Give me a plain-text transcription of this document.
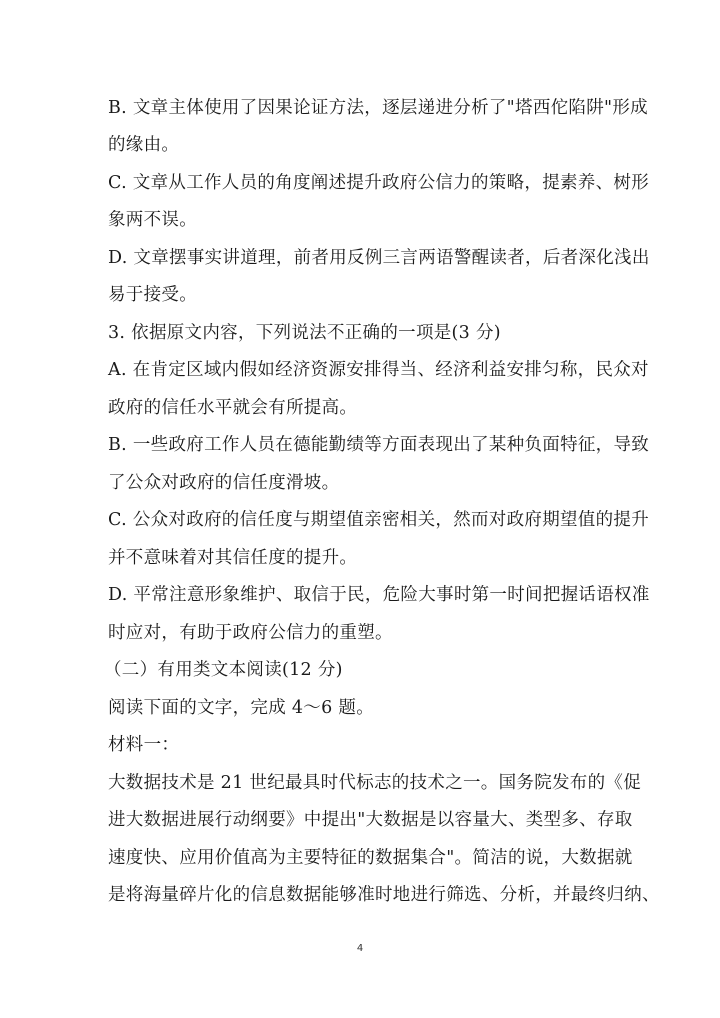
B. 文章主体使用了因果论证方法，逐层递进分析了"塔西佗陷阱"形成
的缘由。
C. 文章从工作人员的角度阐述提升政府公信力的策略，提素养、树形
象两不误。
D. 文章摆事实讲道理，前者用反例三言两语警醒读者，后者深化浅出
易于接受。
3. 依据原文内容，下列说法不正确的一项是(3 分)
A. 在肯定区域内假如经济资源安排得当、经济利益安排匀称，民众对
政府的信任水平就会有所提高。
B. 一些政府工作人员在德能勤绩等方面表现出了某种负面特征，导致
了公众对政府的信任度滑坡。
C. 公众对政府的信任度与期望值亲密相关，然而对政府期望值的提升
并不意味着对其信任度的提升。
D. 平常注意形象维护、取信于民，危险大事时第一时间把握话语权准
时应对，有助于政府公信力的重塑。
（二）有用类文本阅读(12 分)
阅读下面的文字，完成 4～6 题。
材料一：
大数据技术是 21 世纪最具时代标志的技术之一。国务院发布的《促
进大数据进展行动纲要》中提出"大数据是以容量大、类型多、存取
速度快、应用价值高为主要特征的数据集合"。简洁的说，大数据就
是将海量碎片化的信息数据能够准时地进行筛选、分析，并最终归纳、
4
